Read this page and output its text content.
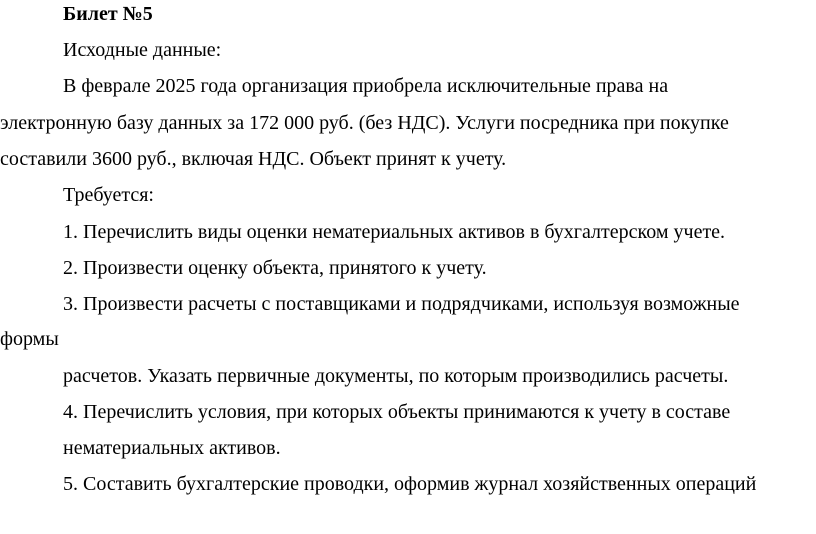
Билет №5
Исходные данные:
В феврале 2025 года организация приобрела исключительные права на
электронную базу данных за 172 000 руб. (без НДС). Услуги посредника при покупке
составили 3600 руб., включая НДС. Объект принят к учету.
Требуется:
1. Перечислить виды оценки нематериальных активов в бухгалтерском учете.
2. Произвести оценку объекта, принятого к учету.
3. Произвести расчеты с поставщиками и подрядчиками, используя возможные
формы
расчетов. Указать первичные документы, по которым производились расчеты.
4. Перечислить условия, при которых объекты принимаются к учету в составе
нематериальных активов.
5. Составить бухгалтерские проводки, оформив журнал хозяйственных операций
